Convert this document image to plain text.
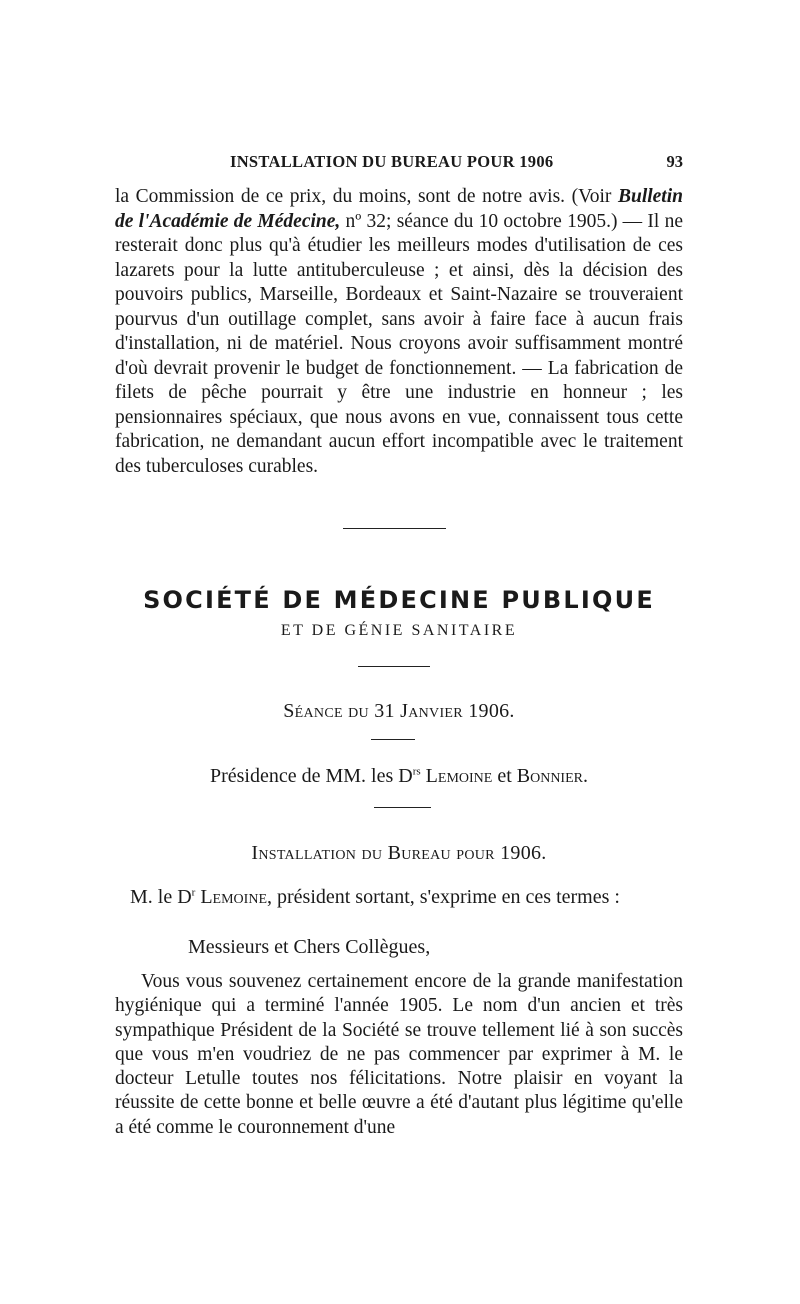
INSTALLATION DU BUREAU POUR 1906	93

la Commission de ce prix, du moins, sont de notre avis. (Voir Bulletin de l'Académie de Médecine, nº 32; séance du 10 octobre 1905.) — Il ne resterait donc plus qu'à étudier les meilleurs modes d'utilisation de ces lazarets pour la lutte antituberculeuse ; et ainsi, dès la décision des pouvoirs publics, Marseille, Bordeaux et Saint-Nazaire se trouveraient pourvus d'un outillage complet, sans avoir à faire face à aucun frais d'installation, ni de matériel. Nous croyons avoir suffisamment montré d'où devrait provenir le budget de fonctionnement. — La fabrication de filets de pêche pourrait y être une industrie en honneur ; les pensionnaires spéciaux, que nous avons en vue, connaissent tous cette fabrication, ne demandant aucun effort incompatible avec le traitement des tuberculoses curables.

SOCIÉTÉ DE MÉDECINE PUBLIQUE
ET DE GÉNIE SANITAIRE
Séance du 31 Janvier 1906.
Présidence de MM. les $D^{rs}$ Lemoine et Bonnier.
Installation du Bureau pour 1906.
M. le $D^r$ Lemoine, président sortant, s'exprime en ces termes :
Messieurs et Chers Collègues,

Vous vous souvenez certainement encore de la grande manifestation hygiénique qui a terminé l'année 1905. Le nom d'un ancien et très sympathique Président de la Société se trouve tellement lié à son succès que vous m'en voudriez de ne pas commencer par exprimer à M. le docteur Letulle toutes nos félicitations. Notre plaisir en voyant la réussite de cette bonne et belle œuvre a été d'autant plus légitime qu'elle a été comme le couronnement d'une
